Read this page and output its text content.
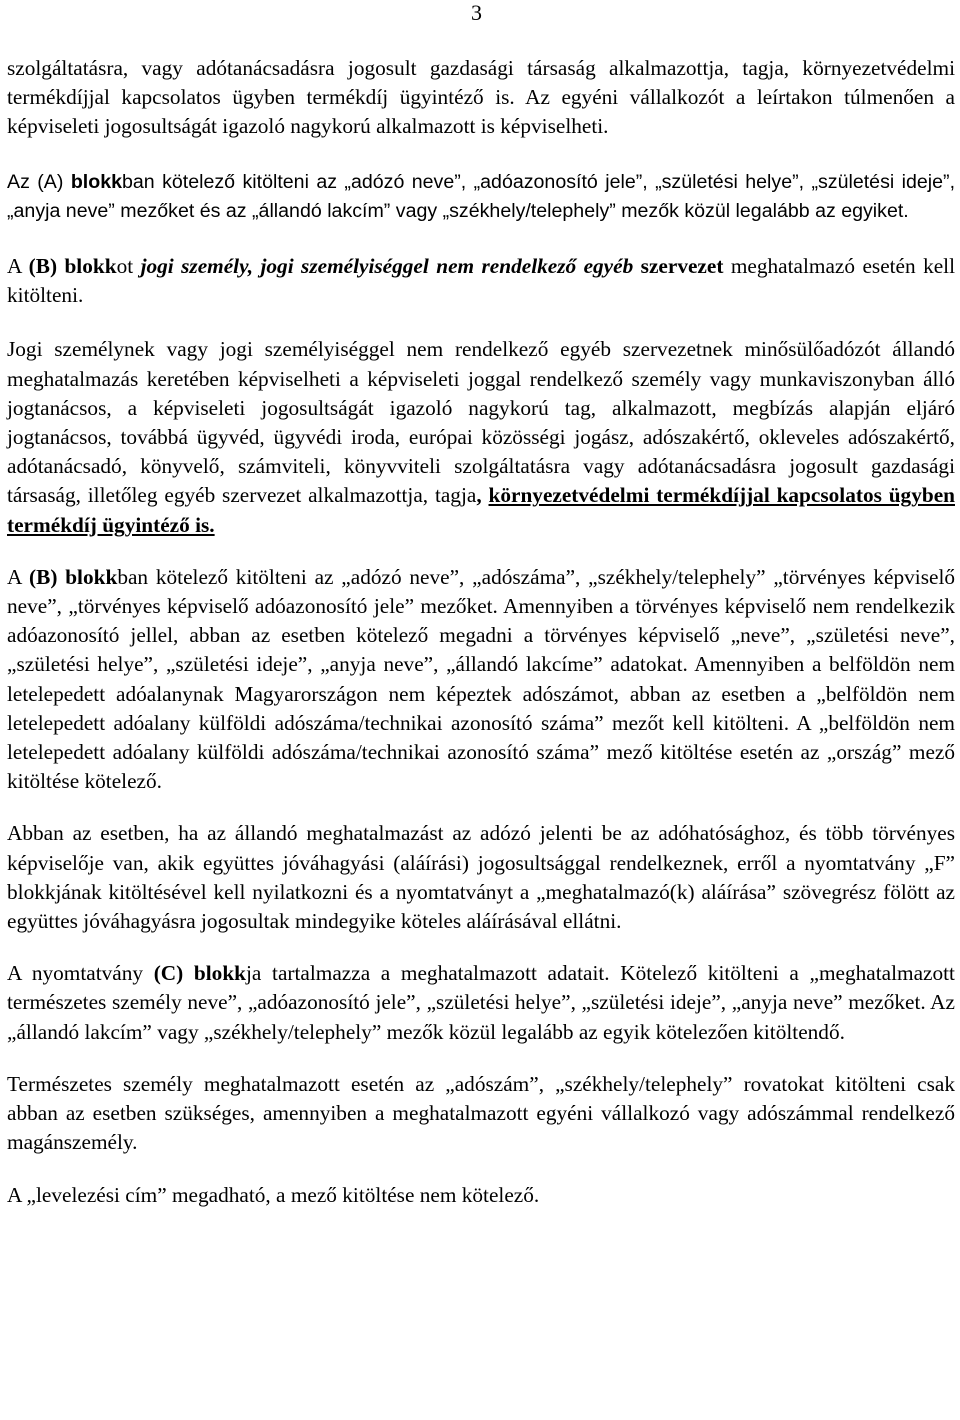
3

szolgáltatásra, vagy adótanácsadásra jogosult gazdasági társaság alkalmazottja, tagja, környezetvédelmi termékdíjjal kapcsolatos ügyben termékdíj ügyintéző is. Az egyéni vállalkozót a leírtakon túlmenően a képviseleti jogosultságát igazoló nagykorú alkalmazott is képviselheti.

Az (A) blokkban kötelező kitölteni az „adózó neve”, „adóazonosító jele”, „születési helye”, „születési ideje”, „anyja neve” mezőket és az „állandó lakcím” vagy „székhely/telephely” mezők közül legalább az egyiket.

A (B) blokkot jogi személy, jogi személyiséggel nem rendelkező egyéb szervezet meghatalmazó esetén kell kitölteni.

Jogi személynek vagy jogi személyiséggel nem rendelkező egyéb szervezetnek minősülőadózót állandó meghatalmazás keretében képviselheti a képviseleti joggal rendelkező személy vagy munkaviszonyban álló jogtanácsos, a képviseleti jogosultságát igazoló nagykorú tag, alkalmazott, megbízás alapján eljáró jogtanácsos, továbbá ügyvéd, ügyvédi iroda, európai közösségi jogász, adószakértő, okleveles adószakértő, adótanácsadó, könyvelő, számviteli, könyvviteli szolgáltatásra vagy adótanácsadásra jogosult gazdasági társaság, illetőleg egyéb szervezet alkalmazottja, tagja, környezetvédelmi termékdíjjal kapcsolatos ügyben termékdíj ügyintéző is.

A (B) blokkban kötelező kitölteni az „adózó neve”, „adószáma”, „székhely/telephely” „törvényes képviselő neve”, „törvényes képviselő adóazonosító jele” mezőket. Amennyiben a törvényes képviselő nem rendelkezik adóazonosító jellel, abban az esetben kötelező megadni a törvényes képviselő „neve”, „születési neve”, „születési helye”, „születési ideje”, „anyja neve”, „állandó lakcíme” adatokat. Amennyiben a belföldön nem letelepedett adóalanynak Magyarországon nem képeztek adószámot, abban az esetben a „belföldön nem letelepedett adóalany külföldi adószáma/technikai azonosító száma” mezőt kell kitölteni. A „belföldön nem letelepedett adóalany külföldi adószáma/technikai azonosító száma” mező kitöltése esetén az „ország” mező kitöltése kötelező.

Abban az esetben, ha az állandó meghatalmazást az adózó jelenti be az adóhatósághoz, és több törvényes képviselője van, akik együttes jóváhagyási (aláírási) jogosultsággal rendelkeznek, erről a nyomtatvány „F” blokkjának kitöltésével kell nyilatkozni és a nyomtatványt a „meghatalmazó(k) aláírása” szövegrész fölött az együttes jóváhagyásra jogosultak mindegyike köteles aláírásával ellátni.

A nyomtatvány (C) blokkja tartalmazza a meghatalmazott adatait. Kötelező kitölteni a „meghatalmazott természetes személy neve”, „adóazonosító jele”, „születési helye”, „születési ideje”, „anyja neve” mezőket. Az „állandó lakcím” vagy „székhely/telephely” mezők közül legalább az egyik kötelezően kitöltendő.

Természetes személy meghatalmazott esetén az „adószám”, „székhely/telephely” rovatokat kitölteni csak abban az esetben szükséges, amennyiben a meghatalmazott egyéni vállalkozó vagy adószámmal rendelkező magánszemély.

A „levelezési cím” megadható, a mező kitöltése nem kötelező.
